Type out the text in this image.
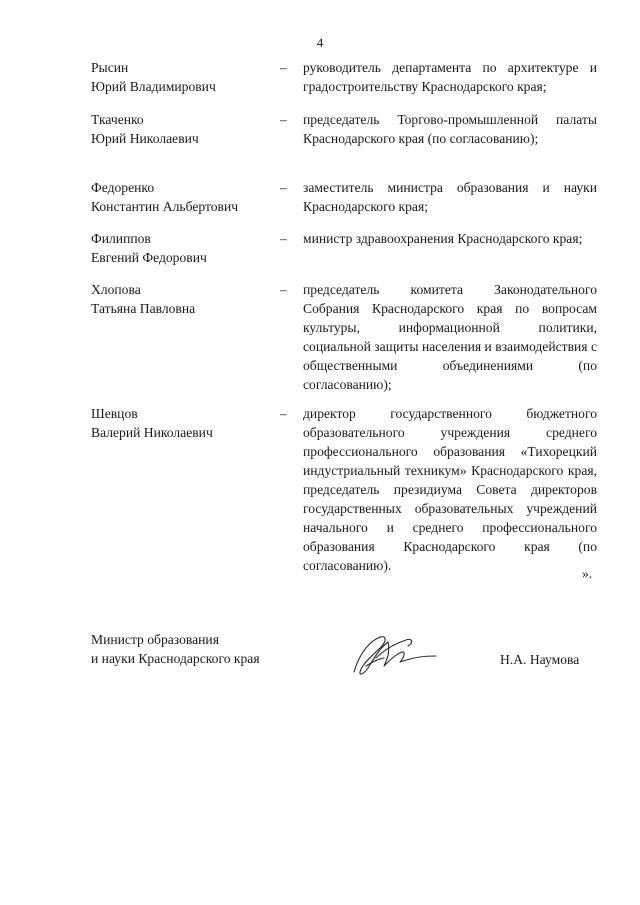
4
Рысин
Юрий Владимирович
– руководитель департамента по архитектуре и градостроительству Краснодарского края;
Ткаченко
Юрий Николаевич
– председатель Торгово-промышленной палаты Краснодарского края (по согласованию);
Федоренко
Константин Альбертович
– заместитель министра образования и науки Краснодарского края;
Филиппов
Евгений Федорович
– министр здравоохранения Краснодарского края;
Хлопова
Татьяна Павловна
– председатель комитета Законодательного Собрания Краснодарского края по вопросам культуры, информационной политики, социальной защиты населения и взаимодействия с общественными объединениями (по согласованию);
Шевцов
Валерий Николаевич
– директор государственного бюджетного образовательного учреждения среднего профессионального образования «Тихорецкий индустриальный техникум» Краснодарского края, председатель президиума Совета директоров государственных образовательных учреждений начального и среднего профессионального образования Краснодарского края (по согласованию).
».
Министр образования
и науки Краснодарского края	Н.А. Наумова
